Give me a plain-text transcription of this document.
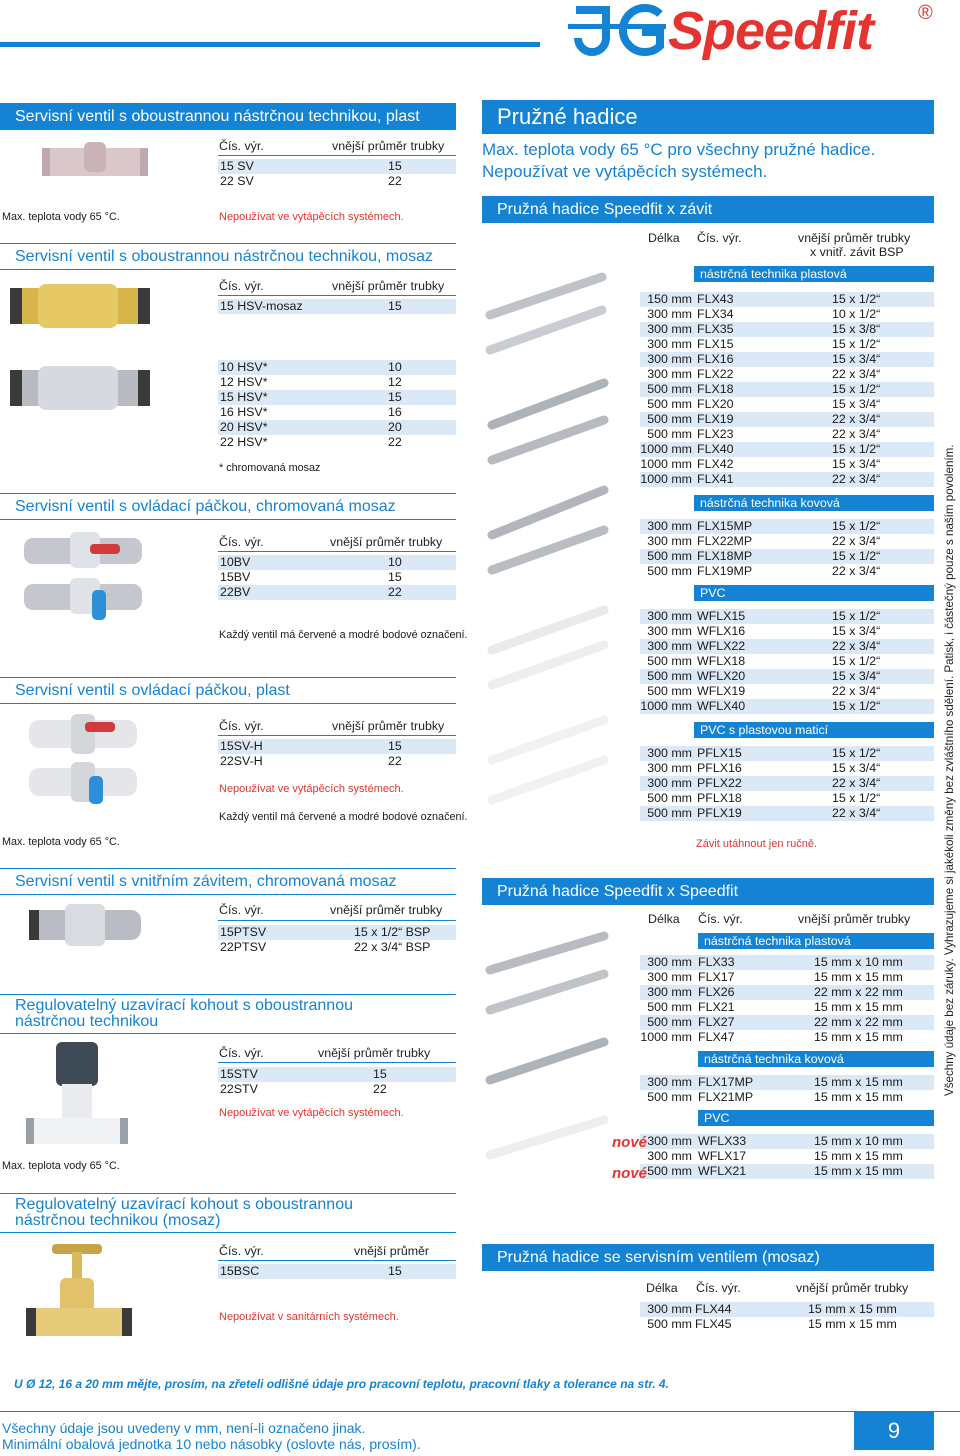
Speedfit ®
Servisní ventil s oboustrannou nástrčnou technikou, plast
Čís. výr.	vnější průměr trubky
15 SV	15
22 SV	22
Max. teplota vody 65 °C.	Nepoužívat ve vytápěcích systémech.
Servisní ventil s oboustrannou nástrčnou technikou, mosaz
Čís. výr.	vnější průměr trubky
15 HSV-mosaz	15
10 HSV*	10
12 HSV*	12
15 HSV*	15
16 HSV*	16
20 HSV*	20
22 HSV*	22
* chromovaná mosaz
Servisní ventil s ovládací páčkou, chromovaná mosaz
Čís. výr.	vnější průměr trubky
10BV	10
15BV	15
22BV	22
Každý ventil má červené a modré bodové označení.
Servisní ventil s ovládací páčkou, plast
Čís. výr.	vnější průměr trubky
15SV-H	15
22SV-H	22
Nepoužívat ve vytápěcích systémech.
Každý ventil má červené a modré bodové označení.
Max. teplota vody 65 °C.
Servisní ventil s vnitřním závitem, chromovaná mosaz
Čís. výr.	vnější průměr trubky
15PTSV	15 x 1/2“ BSP
22PTSV	22 x 3/4“ BSP
Regulovatelný uzavírací kohout s oboustrannou
nástrčnou technikou
Čís. výr.	vnější průměr trubky
15STV	15
22STV	22
Nepoužívat ve vytápěcích systémech.
Max. teplota vody 65 °C.
Regulovatelný uzavírací kohout s oboustrannou
nástrčnou technikou (mosaz)
Čís. výr.	vnější průměr
15BSC	15
Nepoužívat v sanitárních systémech.
Pružné hadice
Max. teplota vody 65 °C pro všechny pružné hadice.
Nepoužívat ve vytápěcích systémech.
Pružná hadice Speedfit x závit
Délka Čís. výr.	vnější průměr trubky
x vnitř. závit BSP
nástrčná technika plastová
150 mm FLX43	15 x 1/2“
300 mm FLX34	10 x 1/2“
300 mm FLX35	15 x 3/8“
300 mm FLX15	15 x 1/2“
300 mm FLX16	15 x 3/4“
300 mm FLX22	22 x 3/4“
500 mm FLX18	15 x 1/2“
500 mm FLX20	15 x 3/4“
500 mm FLX19	22 x 3/4“
500 mm FLX23	22 x 3/4“
1000 mm FLX40	15 x 1/2“
1000 mm FLX42	15 x 3/4“
1000 mm FLX41	22 x 3/4“
nástrčná technika kovová
300 mm FLX15MP	15 x 1/2“
300 mm FLX22MP	22 x 3/4“
500 mm FLX18MP	15 x 1/2“
500 mm FLX19MP	22 x 3/4“
PVC
300 mm WFLX15	15 x 1/2“
300 mm WFLX16	15 x 3/4“
300 mm WFLX22	22 x 3/4“
500 mm WFLX18	15 x 1/2“
500 mm WFLX20	15 x 3/4“
500 mm WFLX19	22 x 3/4“
1000 mm WFLX40	15 x 1/2“
PVC s plastovou maticí
300 mm PFLX15	15 x 1/2“
300 mm PFLX16	15 x 3/4“
300 mm PFLX22	22 x 3/4“
500 mm PFLX18	15 x 1/2“
500 mm PFLX19	22 x 3/4“
Závit utáhnout jen ručně.
Pružná hadice Speedfit x Speedfit
Délka Čís. výr.	vnější průměr trubky
nástrčná technika plastová
300 mm FLX33	15 mm x 10 mm
300 mm FLX17	15 mm x 15 mm
300 mm FLX26	22 mm x 22 mm
500 mm FLX21	15 mm x 15 mm
500 mm FLX27	22 mm x 22 mm
1000 mm FLX47	15 mm x 15 mm
nástrčná technika kovová
300 mm FLX17MP	15 mm x 15 mm
500 mm FLX21MP	15 mm x 15 mm
PVC
300 mm WFLX33	15 mm x 10 mm
300 mm WFLX17	15 mm x 15 mm
500 mm WFLX21	15 mm x 15 mm
nové
nové
Pružná hadice se servisním ventilem (mosaz)
Délka Čís. výr.	vnější průměr trubky
300 mm FLX44	15 mm x 15 mm
500 mm FLX45	15 mm x 15 mm
Všechny údaje bez záruky. Vyhrazujeme si jakékoli změny bez zvláštního sdělení. Patisk, i částečný pouze s naším povolením.
U Ø 12, 16 a 20 mm mějte, prosím, na zřeteli odlišné údaje pro pracovní teplotu, pracovní tlaky a tolerance na str. 4.
Všechny údaje jsou uvedeny v mm, není-li označeno jinak.
Minimální obalová jednotka 10 nebo násobky (oslovte nás, prosím).
9
